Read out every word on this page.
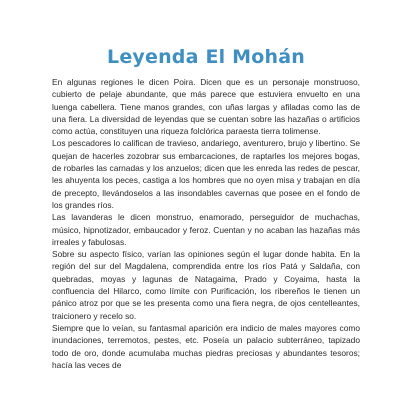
Leyenda El Mohán

En algunas regiones le dicen Poira. Dicen que es un personaje monstruoso, cubierto de pelaje abundante, que más parece que estuviera envuelto en una luenga cabellera. Tiene manos grandes, con uñas largas y afiladas como las de una fiera. La diversidad de leyendas que se cuentan sobre las hazañas o artificios como actúa, constituyen una riqueza folclórica paraesta tierra tolimense.

Los pescadores lo califican de travieso, andariego, aventurero, brujo y libertino. Se quejan de hacerles zozobrar sus embarcaciones, de raptarles los mejores bogas, de robarles las carnadas y los anzuelos; dicen que les enreda las redes de pescar, les ahuyenta los peces, castiga a los hombres que no oyen misa y trabajan en día de precepto, llevándoselos a las insondables cavernas que posee en el fondo de los grandes ríos.

Las lavanderas le dicen monstruo, enamorado, perseguidor de muchachas, músico, hipnotizador, embaucador y feroz. Cuentan y no acaban las hazañas más irreales y fabulosas.

Sobre su aspecto físico, varían las opiniones según el lugar donde habita. En la región del sur del Magdalena, comprendida entre los ríos Patá y Saldaña, con quebradas, moyas y lagunas de Natagaima, Prado y Coyaima, hasta la confluencia del Hilarco, como límite con Purificación, los ribereños le tienen un pánico atroz por que se les presenta como una fiera negra, de ojos centelleantes, traicionero y recelo so.

Siempre que lo veían, su fantasmal aparición era indicio de males mayores como inundaciones, terremotos, pestes, etc. Poseía un palacio subterráneo, tapizado todo de oro, donde acumulaba muchas piedras preciosas y abundantes tesoros; hacía las veces de
